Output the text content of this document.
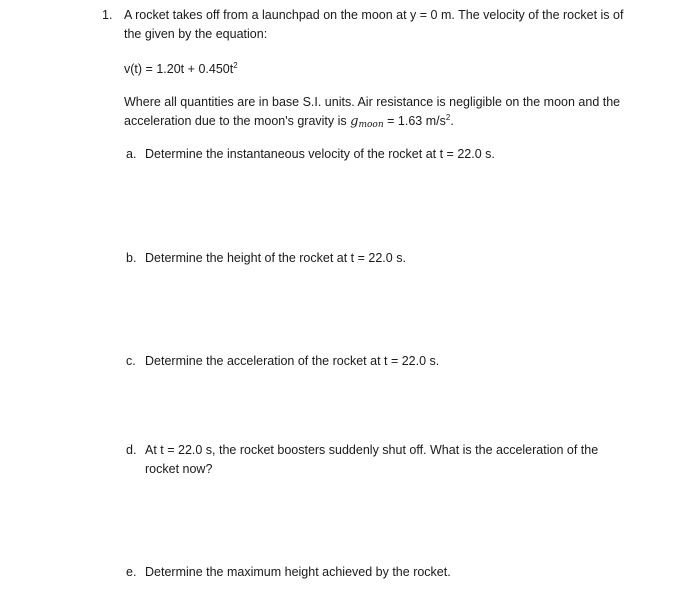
1. A rocket takes off from a launchpad on the moon at y = 0 m. The velocity of the rocket is of the given by the equation:
$v(t) = 1.20t + 0.450t^2$
Where all quantities are in base S.I. units. Air resistance is negligible on the moon and the acceleration due to the moon's gravity is gmoon = 1.63 $m/s^2$.
a. Determine the instantaneous velocity of the rocket at t = 22.0 s.
b. Determine the height of the rocket at t = 22.0 s.
c. Determine the acceleration of the rocket at t = 22.0 s.
d. At t = 22.0 s, the rocket boosters suddenly shut off. What is the acceleration of the rocket now?
e. Determine the maximum height achieved by the rocket.
